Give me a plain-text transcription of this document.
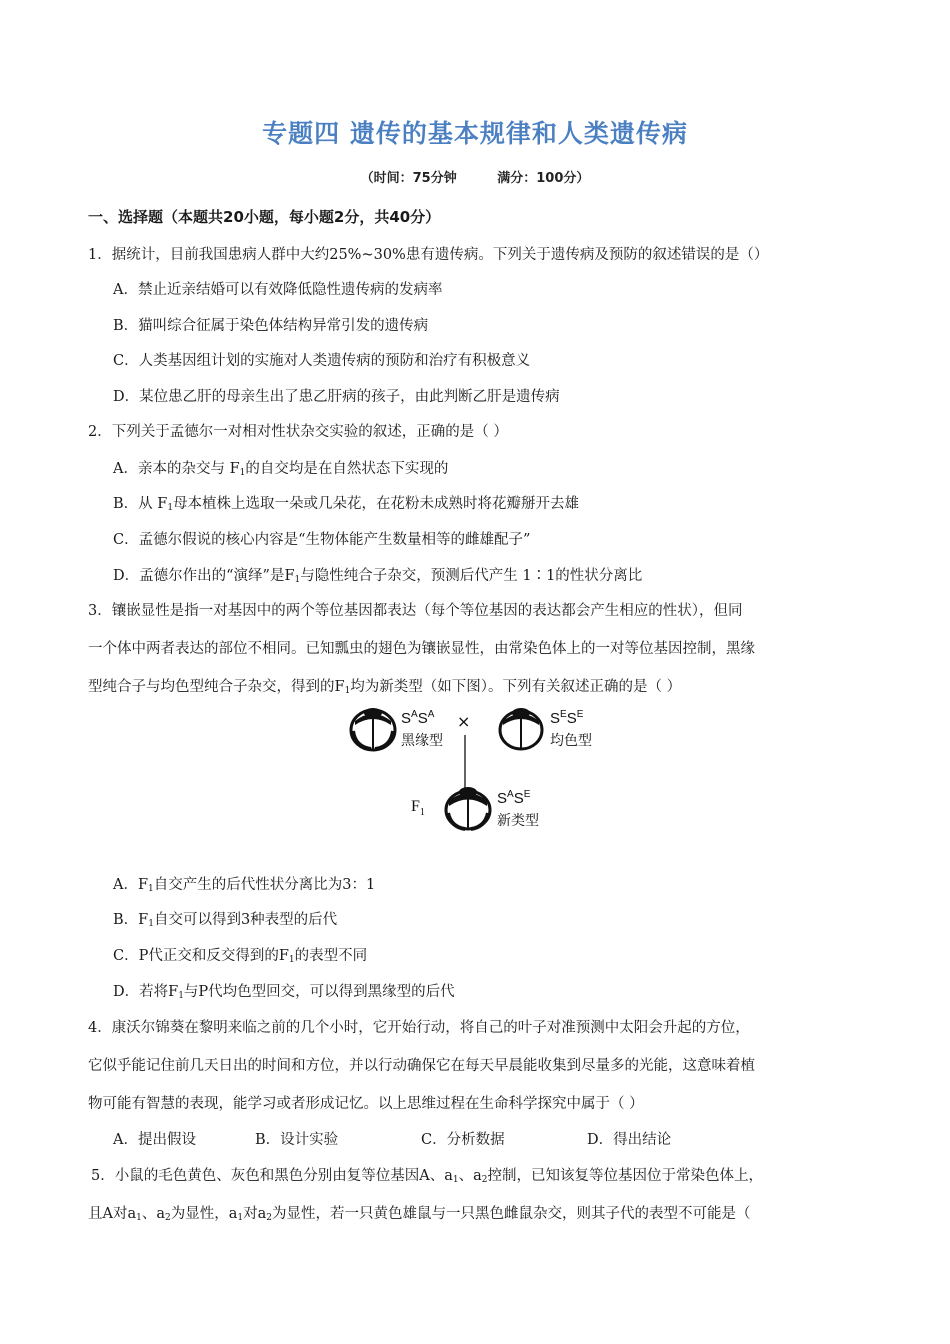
专题四 遗传的基本规律和人类遗传病
（时间：75分钟	满分：100分）
一、选择题（本题共20小题，每小题2分，共40分）
1．据统计，目前我国患病人群中大约25%~30%患有遗传病。下列关于遗传病及预防的叙述错误的是（）
A．禁止近亲结婚可以有效降低隐性遗传病的发病率
B．猫叫综合征属于染色体结构异常引发的遗传病
C．人类基因组计划的实施对人类遗传病的预防和治疗有积极意义
D．某位患乙肝的母亲生出了患乙肝病的孩子，由此判断乙肝是遗传病
2．下列关于孟德尔一对相对性状杂交实验的叙述，正确的是（ ）
A．亲本的杂交与 $F_1$的自交均是在自然状态下实现的
B．从 $F_1$母本植株上选取一朵或几朵花，在花粉未成熟时将花瓣掰开去雄
C．孟德尔假说的核心内容是“生物体能产生数量相等的雌雄配子”
D．孟德尔作出的“演绎”是$F_1$与隐性纯合子杂交，预测后代产生 1∶1的性状分离比
3．镶嵌显性是指一对基因中的两个等位基因都表达（每个等位基因的表达都会产生相应的性状），但同
一个体中两者表达的部位不相同。已知瓢虫的翅色为镶嵌显性，由常染色体上的一对等位基因控制，黑缘
型纯合子与均色型纯合子杂交，得到的$F_1$均为新类型（如下图）。下列有关叙述正确的是（ ）
$S^AS^A$
黑缘型
×	$S^ES^E$
均色型
$F_1$
$S^AS^E$
新类型
A．$F_1$自交产生的后代性状分离比为3：1
B．$F_1$自交可以得到3种表型的后代
C．P代正交和反交得到的$F_1$的表型不同
D．若将$F_1$与P代均色型回交，可以得到黑缘型的后代
4．康沃尔锦葵在黎明来临之前的几个小时，它开始行动，将自己的叶子对准预测中太阳会升起的方位，
它似乎能记住前几天日出的时间和方位，并以行动确保它在每天早晨能收集到尽量多的光能，这意味着植
物可能有智慧的表现，能学习或者形成记忆。以上思维过程在生命科学探究中属于（ ）
A．提出假设	B．设计实验	C．分析数据	D．得出结论
5．小鼠的毛色黄色、灰色和黑色分别由复等位基因A、$a_1$、$a_2$控制，已知该复等位基因位于常染色体上，
且A对$a_1$、$a_2$为显性，$a_1$对$a_2$为显性，若一只黄色雄鼠与一只黑色雌鼠杂交，则其子代的表型不可能是（
